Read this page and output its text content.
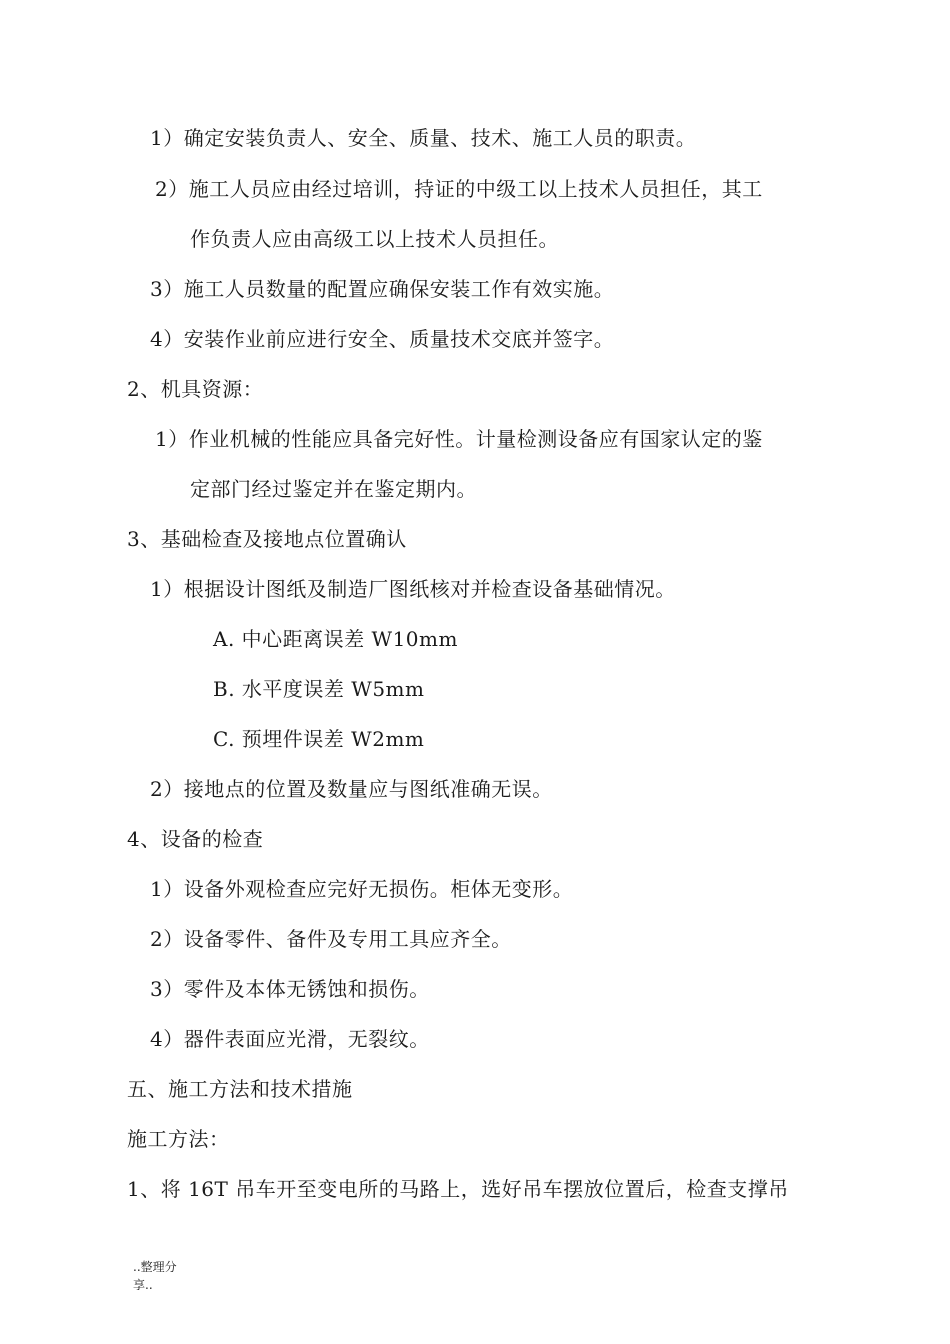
1）确定安装负责人、安全、质量、技术、施工人员的职责。
2）施工人员应由经过培训，持证的中级工以上技术人员担任，其工
作负责人应由高级工以上技术人员担任。
3）施工人员数量的配置应确保安装工作有效实施。
4）安装作业前应进行安全、质量技术交底并签字。
2、机具资源：
1）作业机械的性能应具备完好性。计量检测设备应有国家认定的鉴
定部门经过鉴定并在鉴定期内。
3、基础检查及接地点位置确认
1）根据设计图纸及制造厂图纸核对并检查设备基础情况。
A. 中心距离误差 W10mm
B. 水平度误差 W5mm
C. 预埋件误差 W2mm
2）接地点的位置及数量应与图纸准确无误。
4、设备的检查
1）设备外观检查应完好无损伤。柜体无变形。
2）设备零件、备件及专用工具应齐全。
3）零件及本体无锈蚀和损伤。
4）器件表面应光滑，无裂纹。
五、施工方法和技术措施
施工方法：
1、将 16T 吊车开至变电所的马路上，选好吊车摆放位置后，检查支撑吊
..整理分
享..
